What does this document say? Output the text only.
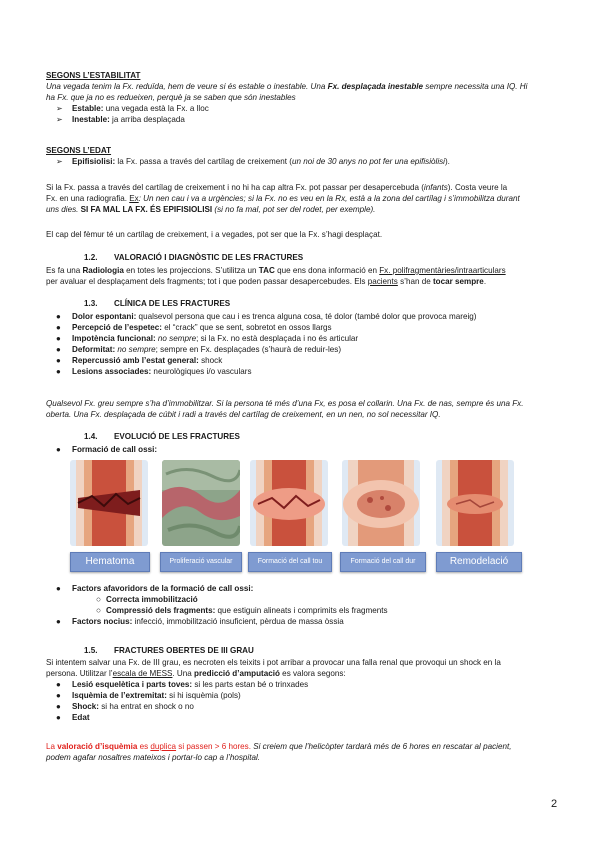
SEGONS L’ESTABILITAT

Una vegada tenim la Fx. reduïda, hem de veure si és estable o inestable. Una Fx. desplaçada inestable sempre necessita una IQ. Hi

ha Fx. que ja no es redueixen, perquè ja se saben que són inestables

➢ Estable: una vegada està la Fx. a lloc

➢ Inestable: ja arriba desplaçada

SEGONS L’EDAT

➢ Epifisiolisi: la Fx. passa a través del cartílag de creixement (un noi de 30 anys no pot fer una epifisiòlisi).

Si la Fx. passa a través del cartílag de creixement i no hi ha cap altra Fx. pot passar per desapercebuda (infants). Costa veure la

Fx. en una radiografia. Ex: Un nen cau i va a urgències; si la Fx. no es veu en la Rx, està a la zona del cartílag i s’immobilitza durant

uns dies. SI FA MAL LA FX. ÉS EPIFISIOLISI (si no fa mal, pot ser del rodet, per exemple).

El cap del fèmur té un cartílag de creixement, i a vegades, pot ser que la Fx. s’hagi desplaçat.

1.2. VALORACIÓ I DIAGNÒSTIC DE LES FRACTURES

Es fa una Radiologia en totes les projeccions. S’utilitza un TAC que ens dona informació en Fx. polifragmentàries/intraarticulars

per avaluar el desplaçament dels fragments; tot i que poden passar desapercebudes. Els pacients s’han de tocar sempre.

1.3. CLÍNICA DE LES FRACTURES

● Dolor espontani: qualsevol persona que cau i es trenca alguna cosa, té dolor (també dolor que provoca mareig)

● Percepció de l’espetec: el “crack” que se sent, sobretot en ossos llargs

● Impotència funcional: no sempre; si la Fx. no està desplaçada i no és articular

● Deformitat: no sempre; sempre en Fx. desplaçades (s’haurà de reduir-les)

● Repercussió amb l’estat general: shock

● Lesions associades: neurològiques i/o vasculars

Qualsevol Fx. greu sempre s’ha d’immobilitzar. Si la persona té més d’una Fx, es posa el collarin. Una Fx. de nas, sempre és una Fx.

oberta. Una Fx. desplaçada de cúbit i radi a través del cartílag de creixement, en un nen, no sol necessitar IQ.

1.4. EVOLUCIÓ DE LES FRACTURES

● Formació de call ossi:

Hematoma	Proliferació vascular	Formació del call tou	Formació del call dur	Remodelació

● Factors afavoridors de la formació de call ossi:

○ Correcta immobilització

○ Compressió dels fragments: que estiguin alineats i comprimits els fragments

● Factors nocius: infecció, immobilització insuficient, pèrdua de massa òssia

1.5. FRACTURES OBERTES DE III GRAU

Si intentem salvar una Fx. de III grau, es necroten els teixits i pot arribar a provocar una falla renal que provoqui un shock en la

persona. Utilitzar l’escala de MESS. Una predicció d’amputació es valora segons:

● Lesió esquelètica i parts toves: si les parts estan bé o trinxades

● Isquèmia de l’extremitat: si hi isquèmia (pols)

● Shock: si ha entrat en shock o no

● Edat

La valoració d’isquèmia es duplica si passen > 6 hores. Si creiem que l’helicòpter tardarà més de 6 hores en rescatar al pacient,

podem agafar nosaltres mateixos i portar-lo cap a l’hospital.

2
